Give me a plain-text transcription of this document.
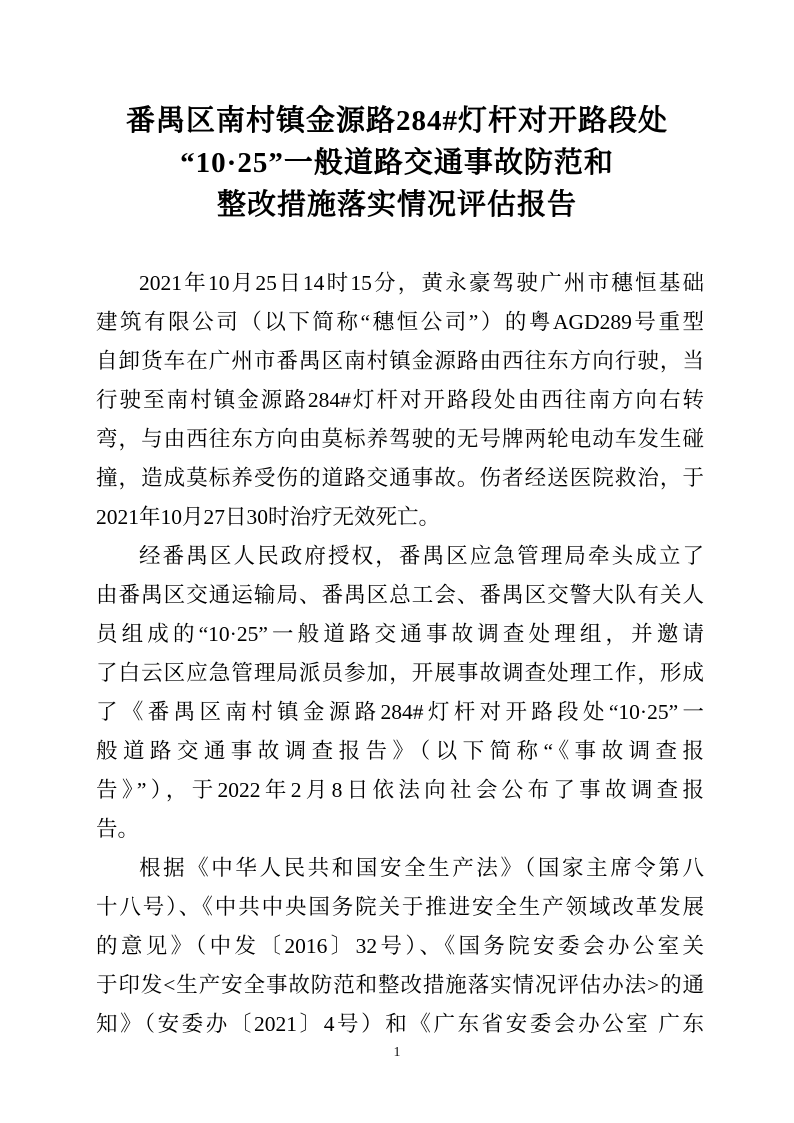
番禺区南村镇金源路284#灯杆对开路段处
“10·25”一般道路交通事故防范和
整改措施落实情况评估报告
2021年10月25日14时15分，黄永豪驾驶广州市穗恒基础
建筑有限公司（以下简称“穗恒公司”）的粤AGD289号重型
自卸货车在广州市番禺区南村镇金源路由西往东方向行驶，当
行驶至南村镇金源路284#灯杆对开路段处由西往南方向右转
弯，与由西往东方向由莫标养驾驶的无号牌两轮电动车发生碰
撞，造成莫标养受伤的道路交通事故。伤者经送医院救治，于
2021年10月27日30时治疗无效死亡。
经番禺区人民政府授权，番禺区应急管理局牵头成立了
由番禺区交通运输局、番禺区总工会、番禺区交警大队有关人
员组成的“10·25”一般道路交通事故调查处理组，并邀请
了白云区应急管理局派员参加，开展事故调查处理工作，形成
了《番禺区南村镇金源路284#灯杆对开路段处“10·25”一
般道路交通事故调查报告》（以下简称“《事故调查报
告》”），于2022年2月8日依法向社会公布了事故调查报
告。
根据《中华人民共和国安全生产法》（国家主席令第八
十八号）、《中共中央国务院关于推进安全生产领域改革发展
的意见》（中发〔2016〕32号）、《国务院安委会办公室关
于印发<生产安全事故防范和整改措施落实情况评估办法>的通
知》（安委办〔2021〕4号）和《广东省安委会办公室 广东
1
